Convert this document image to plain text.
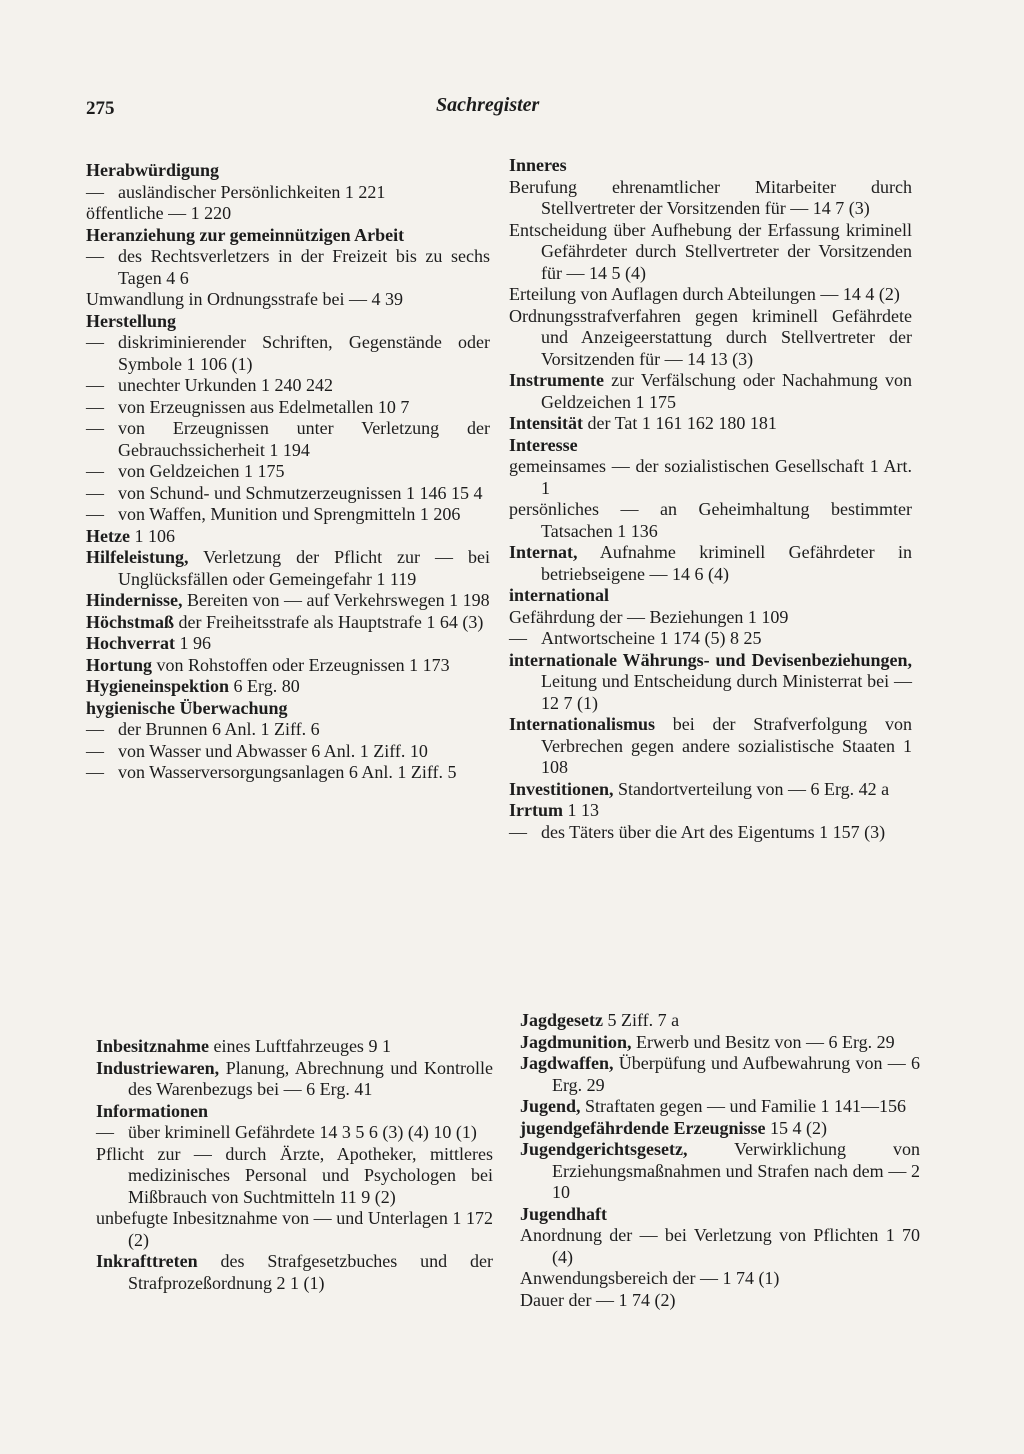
275	Sachregister
Herabwürdigung
— ausländischer Persönlichkeiten 1 221
öffentliche — 1 220
Heranziehung zur gemeinnützigen Arbeit
— des Rechtsverletzers in der Freizeit bis zu sechs Tagen 4 6
Umwandlung in Ordnungsstrafe bei — 4 39
Herstellung
— diskriminierender Schriften, Gegenstände oder Symbole 1 106 (1)
— unechter Urkunden 1 240 242
— von Erzeugnissen aus Edelmetallen 10 7
— von Erzeugnissen unter Verletzung der Gebrauchssicherheit 1 194
— von Geldzeichen 1 175
— von Schund- und Schmutzerzeugnissen 1 146 15 4
— von Waffen, Munition und Sprengmitteln 1 206
Hetze 1 106
Hilfeleistung, Verletzung der Pflicht zur — bei Unglücksfällen oder Gemeingefahr 1 119
Hindernisse, Bereiten von — auf Verkehrswegen 1 198
Höchstmaß der Freiheitsstrafe als Hauptstrafe 1 64 (3)
Hochverrat 1 96
Hortung von Rohstoffen oder Erzeugnissen 1 173
Hygieneinspektion 6 Erg. 80
hygienische Überwachung
— der Brunnen 6 Anl. 1 Ziff. 6
— von Wasser und Abwasser 6 Anl. 1 Ziff. 10
— von Wasserversorgungsanlagen 6 Anl. 1 Ziff. 5
Inneres
Berufung ehrenamtlicher Mitarbeiter durch Stellvertreter der Vorsitzenden für — 14 7 (3)
Entscheidung über Aufhebung der Erfassung kriminell Gefährdeter durch Stellvertreter der Vorsitzenden für — 14 5 (4)
Erteilung von Auflagen durch Abteilungen — 14 4 (2)
Ordnungsstrafverfahren gegen kriminell Gefährdete und Anzeigeerstattung durch Stellvertreter der Vorsitzenden für — 14 13 (3)
Instrumente zur Verfälschung oder Nachahmung von Geldzeichen 1 175
Intensität der Tat 1 161 162 180 181
Interesse
gemeinsames — der sozialistischen Gesellschaft 1 Art. 1
persönliches — an Geheimhaltung bestimmter Tatsachen 1 136
Internat, Aufnahme kriminell Gefährdeter in betriebseigene — 14 6 (4)
international
Gefährdung der — Beziehungen 1 109
— Antwortscheine 1 174 (5) 8 25
internationale Währungs- und Devisenbeziehungen, Leitung und Entscheidung durch Ministerrat bei — 12 7 (1)
Internationalismus bei der Strafverfolgung von Verbrechen gegen andere sozialistische Staaten 1 108
Investitionen, Standortverteilung von — 6 Erg. 42 a
Irrtum 1 13
— des Täters über die Art des Eigentums 1 157 (3)
Inbesitznahme eines Luftfahrzeuges 9 1
Industriewaren, Planung, Abrechnung und Kontrolle des Warenbezugs bei — 6 Erg. 41
Informationen
— über kriminell Gefährdete 14 3 5 6 (3) (4) 10 (1)
Pflicht zur — durch Ärzte, Apotheker, mittleres medizinisches Personal und Psychologen bei Mißbrauch von Suchtmitteln 11 9 (2)
unbefugte Inbesitznahme von — und Unterlagen 1 172 (2)
Inkrafttreten des Strafgesetzbuches und der Strafprozeßordnung 2 1 (1)
Jagdgesetz 5 Ziff. 7 a
Jagdmunition, Erwerb und Besitz von — 6 Erg. 29
Jagdwaffen, Überpüfung und Aufbewahrung von — 6 Erg. 29
Jugend, Straftaten gegen — und Familie 1 141—156
jugendgefährdende Erzeugnisse 15 4 (2)
Jugendgerichtsgesetz, Verwirklichung von Erziehungsmaßnahmen und Strafen nach dem — 2 10
Jugendhaft
Anordnung der — bei Verletzung von Pflichten 1 70 (4)
Anwendungsbereich der — 1 74 (1)
Dauer der — 1 74 (2)
